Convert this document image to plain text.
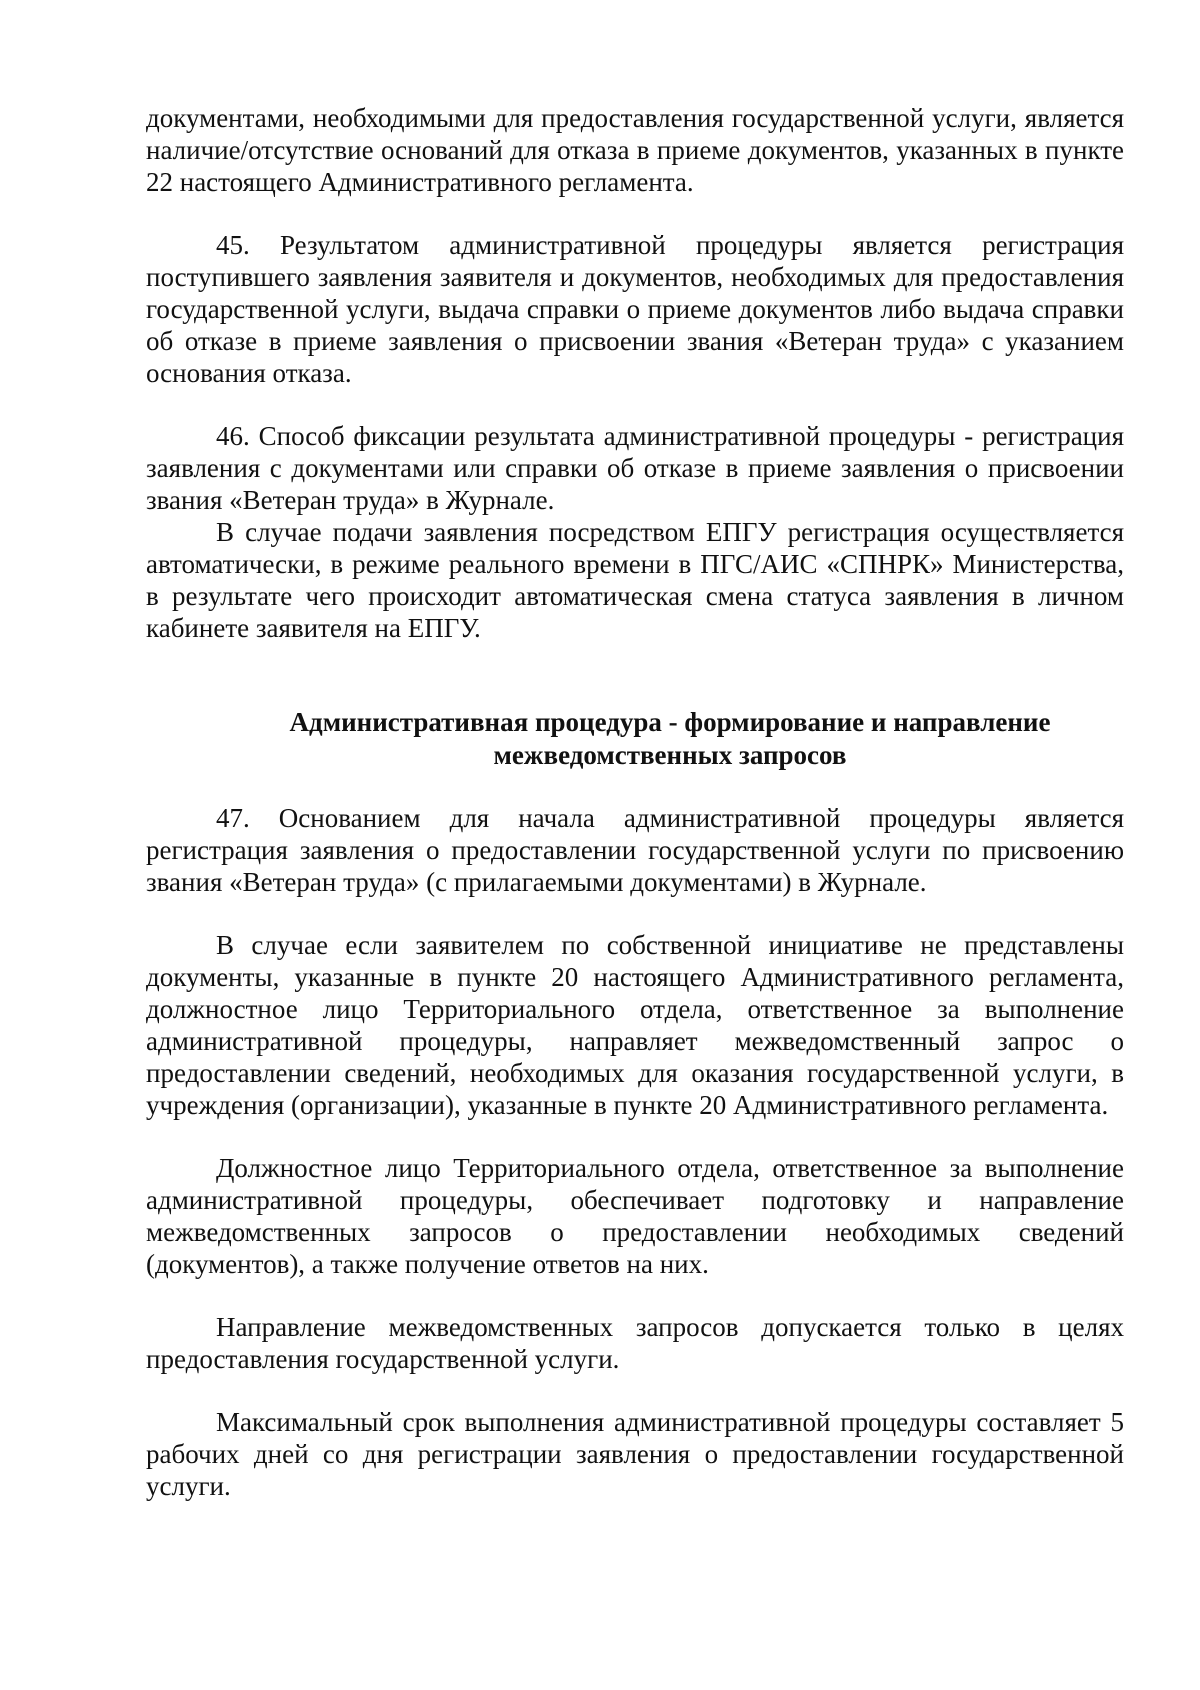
документами, необходимыми для предоставления государственной услуги, является наличие/отсутствие оснований для отказа в приеме документов, указанных в пункте 22 настоящего Административного регламента.

45. Результатом административной процедуры является регистрация поступившего заявления заявителя и документов, необходимых для предоставления государственной услуги, выдача справки о приеме документов либо выдача справки об отказе в приеме заявления о присвоении звания «Ветеран труда» с указанием основания отказа.

46. Способ фиксации результата административной процедуры - регистрация заявления с документами или справки об отказе в приеме заявления о присвоении звания «Ветеран труда» в Журнале.

В случае подачи заявления посредством ЕПГУ регистрация осуществляется автоматически, в режиме реального времени в ПГС/АИС «СПНРК» Министерства, в результате чего происходит автоматическая смена статуса заявления в личном кабинете заявителя на ЕПГУ.

Административная процедура - формирование и направление

межведомственных запросов

47. Основанием для начала административной процедуры является регистрация заявления о предоставлении государственной услуги по присвоению звания «Ветеран труда» (с прилагаемыми документами) в Журнале.

В случае если заявителем по собственной инициативе не представлены документы, указанные в пункте 20 настоящего Административного регламента, должностное лицо Территориального отдела, ответственное за выполнение административной процедуры, направляет межведомственный запрос о предоставлении сведений, необходимых для оказания государственной услуги, в учреждения (организации), указанные в пункте 20 Административного регламента.

Должностное лицо Территориального отдела, ответственное за выполнение административной процедуры, обеспечивает подготовку и направление межведомственных запросов о предоставлении необходимых сведений (документов), а также получение ответов на них.

Направление межведомственных запросов допускается только в целях предоставления государственной услуги.

Максимальный срок выполнения административной процедуры составляет 5 рабочих дней со дня регистрации заявления о предоставлении государственной услуги.
